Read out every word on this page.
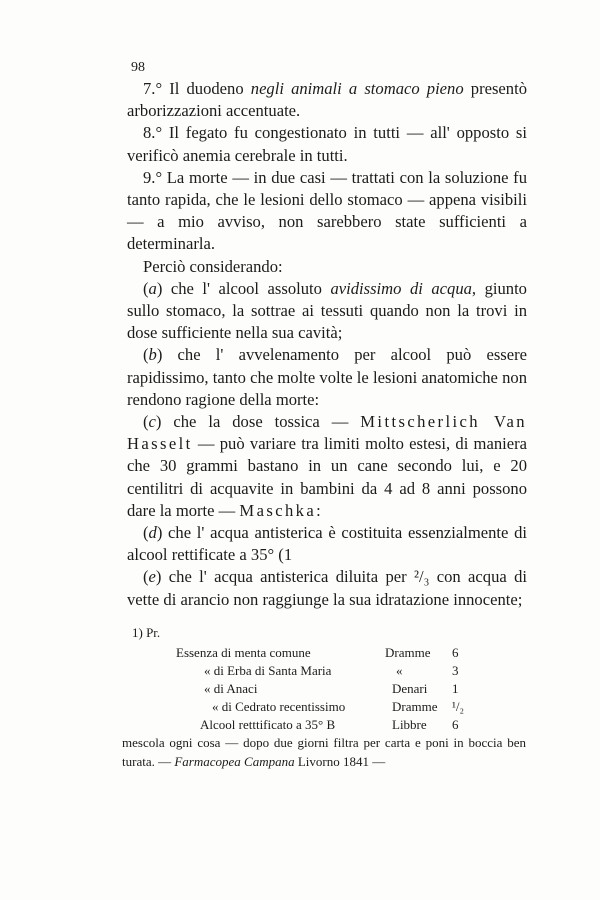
98

7.° Il duodeno negli animali a stomaco pieno presentò arborizzazioni accentuate.

8.° Il fegato fu congestionato in tutti — all' opposto si verificò anemia cerebrale in tutti.

9.° La morte — in due casi — trattati con la soluzione fu tanto rapida, che le lesioni dello stomaco — appena visibili — a mio avviso, non sarebbero state sufficienti a determinarla.

Perciò considerando:

(a) che l' alcool assoluto avidissimo di acqua, giunto sullo stomaco, la sottrae ai tessuti quando non la trovi in dose sufficiente nella sua cavità;

(b) che l' avvelenamento per alcool può essere rapidissimo, tanto che molte volte le lesioni anatomiche non rendono ragione della morte:

(c) che la dose tossica — Mittscherlich Van Hasselt — può variare tra limiti molto estesi, di maniera che 30 grammi bastano in un cane secondo lui, e 20 centilitri di acquavite in bambini da 4 ad 8 anni possono dare la morte — Maschka:

(d) che l' acqua antisterica è costituita essenzialmente di alcool rettificate a 35° (1

(e) che l' acqua antisterica diluita per ²/₃ con acqua di vette di arancio non raggiunge la sua idratazione innocente;

1) Pr.
Essenza di menta comune	Dramme 6
« di Erba di Santa Maria	«	3
« di Anaci	Denari 1
« di Cedrato recentissimo	Dramme ¹/₂
Alcool retttificato a 35° B	Libbre 6

mescola ogni cosa — dopo due giorni filtra per carta e poni in boccia ben turata. — Farmacopea Campana Livorno 1841 —
